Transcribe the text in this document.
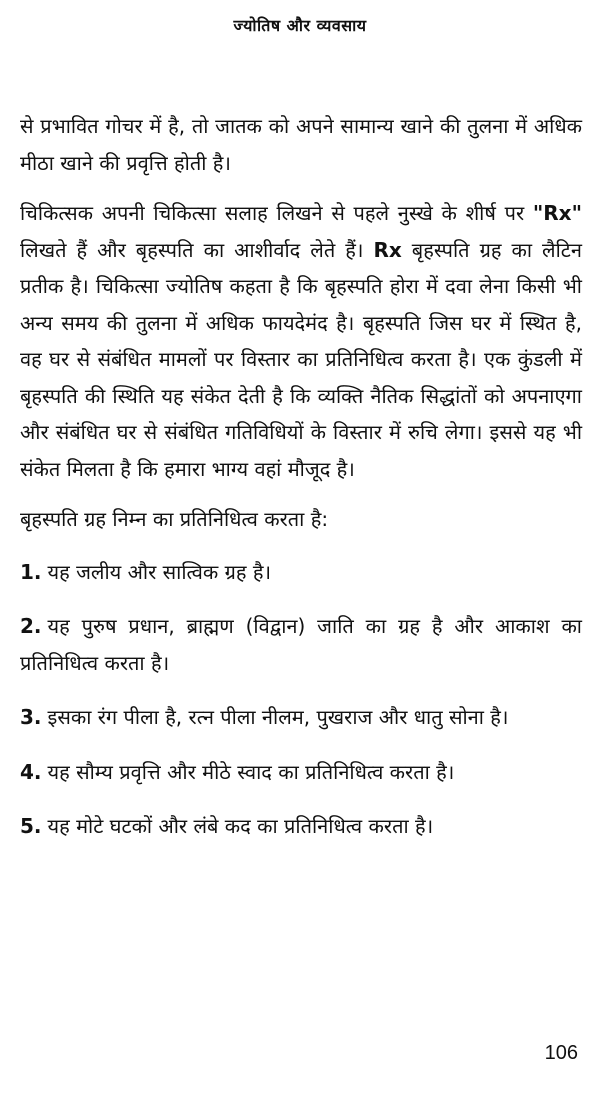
ज्योतिष और व्यवसाय

से प्रभावित गोचर में है, तो जातक को अपने सामान्य खाने की तुलना में अधिक मीठा खाने की प्रवृत्ति होती है।

चिकित्सक अपनी चिकित्सा सलाह लिखने से पहले नुस्खे के शीर्ष पर "Rx" लिखते हैं और बृहस्पति का आशीर्वाद लेते हैं। Rx बृहस्पति ग्रह का लैटिन प्रतीक है। चिकित्सा ज्योतिष कहता है कि बृहस्पति होरा में दवा लेना किसी भी अन्य समय की तुलना में अधिक फायदेमंद है। बृहस्पति जिस घर में स्थित है, वह घर से संबंधित मामलों पर विस्तार का प्रतिनिधित्व करता है। एक कुंडली में बृहस्पति की स्थिति यह संकेत देती है कि व्यक्ति नैतिक सिद्धांतों को अपनाएगा और संबंधित घर से संबंधित गतिविधियों के विस्तार में रुचि लेगा। इससे यह भी संकेत मिलता है कि हमारा भाग्य वहां मौजूद है।

बृहस्पति ग्रह निम्न का प्रतिनिधित्व करता है:

1. यह जलीय और सात्विक ग्रह है।

2. यह पुरुष प्रधान, ब्राह्मण (विद्वान) जाति का ग्रह है और आकाश का प्रतिनिधित्व करता है।

3. इसका रंग पीला है, रत्न पीला नीलम, पुखराज और धातु सोना है।

4. यह सौम्य प्रवृत्ति और मीठे स्वाद का प्रतिनिधित्व करता है।

5. यह मोटे घटकों और लंबे कद का प्रतिनिधित्व करता है।

106
